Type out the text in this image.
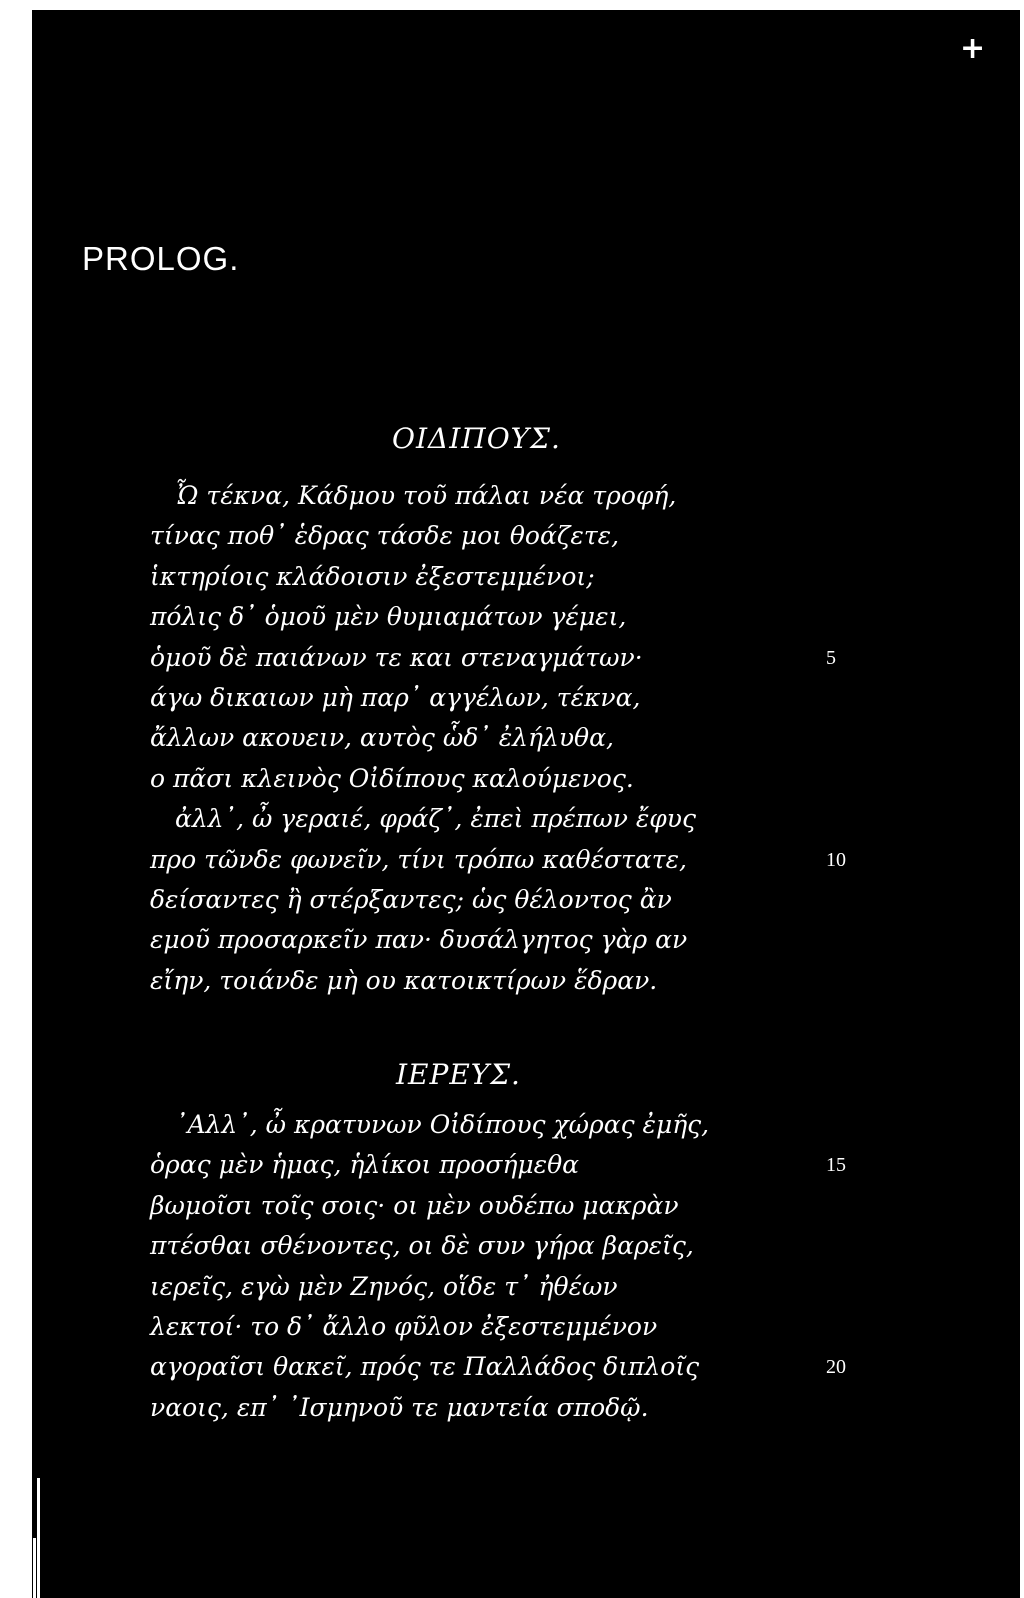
+
PROLOG.
ΟΙΔΙΠΟΥΣ.
Ὦ τέκνα, Κάδμου τοῦ πάλαι νέα τροφή,
τίνας ποθ᾽ ἑδρας τάσδε μοι θοάζετε,
ἱκτηρίοις κλάδοισιν ἐξεστεμμένοι;
πόλις δ᾽ ὁμοῦ μὲν θυμιαμάτων γέμει,
ὁμοῦ δὲ παιάνων τε και στεναγμάτων·	5
άγω δικαιων μὴ παρ᾽ αγγέλων, τέκνα,
ἄλλων ακουειν, αυτὸς ὧδ᾽ ἐλήλυθα,
ο πᾶσι κλεινὸς Οἰδίπους καλούμενος.
ἀλλ᾽, ὦ γεραιέ, φράζ᾽, ἐπεὶ πρέπων ἔφυς
προ τῶνδε φωνεῖν, τίνι τρόπω καθέστατε,	10
δείσαντες ἢ στέρξαντες; ὡς θέλοντος ἂν
εμοῦ προσαρκεῖν παν· δυσάλγητος γὰρ αν
εἴην, τοιάνδε μὴ ου κατοικτίρων ἕδραν.
ΙΕΡΕΥΣ.
᾽Αλλ᾽, ὦ κρατυνων Οἰδίπους χώρας ἐμῆς,
ὁρας μὲν ἡμας, ἡλίκοι προσήμεθα	15
βωμοῖσι τοῖς σοις· οι μὲν ουδέπω μακρὰν
πτέσθαι σθένοντες, οι δὲ συν γήρα βαρεῖς,
ιερεῖς, εγὼ μὲν Ζηνός, οἵδε τ᾽ ἠθέων
λεκτοί· το δ᾽ ἄλλο φῦλον ἐξεστεμμένον
αγοραῖσι θακεῖ, πρός τε Παλλάδος διπλοῖς	20
ναοις, επ᾽ ᾽Ισμηνοῦ τε μαντεία σποδῷ.
